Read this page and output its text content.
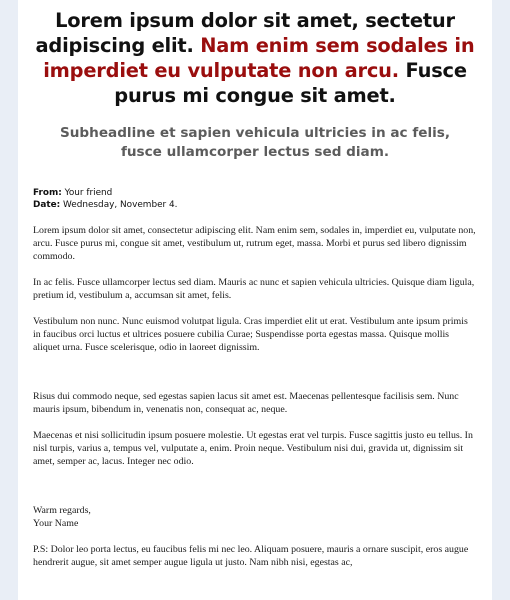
Lorem ipsum dolor sit amet, sectetur adipiscing elit. Nam enim sem sodales in imperdiet eu vulputate non arcu. Fusce purus mi congue sit amet.
Subheadline et sapien vehicula ultricies in ac felis, fusce ullamcorper lectus sed diam.
From: Your friend
Date: Wednesday, November 4.

Lorem ipsum dolor sit amet, consectetur adipiscing elit. Nam enim sem, sodales in, imperdiet eu, vulputate non, arcu. Fusce purus mi, congue sit amet, vestibulum ut, rutrum eget, massa. Morbi et purus sed libero dignissim commodo.

In ac felis. Fusce ullamcorper lectus sed diam. Mauris ac nunc et sapien vehicula ultricies. Quisque diam ligula, pretium id, vestibulum a, accumsan sit amet, felis.

Vestibulum non nunc. Nunc euismod volutpat ligula. Cras imperdiet elit ut erat. Vestibulum ante ipsum primis in faucibus orci luctus et ultrices posuere cubilia Curae; Suspendisse porta egestas massa. Quisque mollis aliquet urna. Fusce scelerisque, odio in laoreet dignissim.

Risus dui commodo neque, sed egestas sapien lacus sit amet est. Maecenas pellentesque facilisis sem. Nunc mauris ipsum, bibendum in, venenatis non, consequat ac, neque.

Maecenas et nisi sollicitudin ipsum posuere molestie. Ut egestas erat vel turpis. Fusce sagittis justo eu tellus. In nisl turpis, varius a, tempus vel, vulputate a, enim. Proin neque. Vestibulum nisi dui, gravida ut, dignissim sit amet, semper ac, lacus. Integer nec odio.

Warm regards,
Your Name

P.S: Dolor leo porta lectus, eu faucibus felis mi nec leo. Aliquam posuere, mauris a ornare suscipit, eros augue hendrerit augue, sit amet semper augue ligula ut justo. Nam nibh nisi, egestas ac,
